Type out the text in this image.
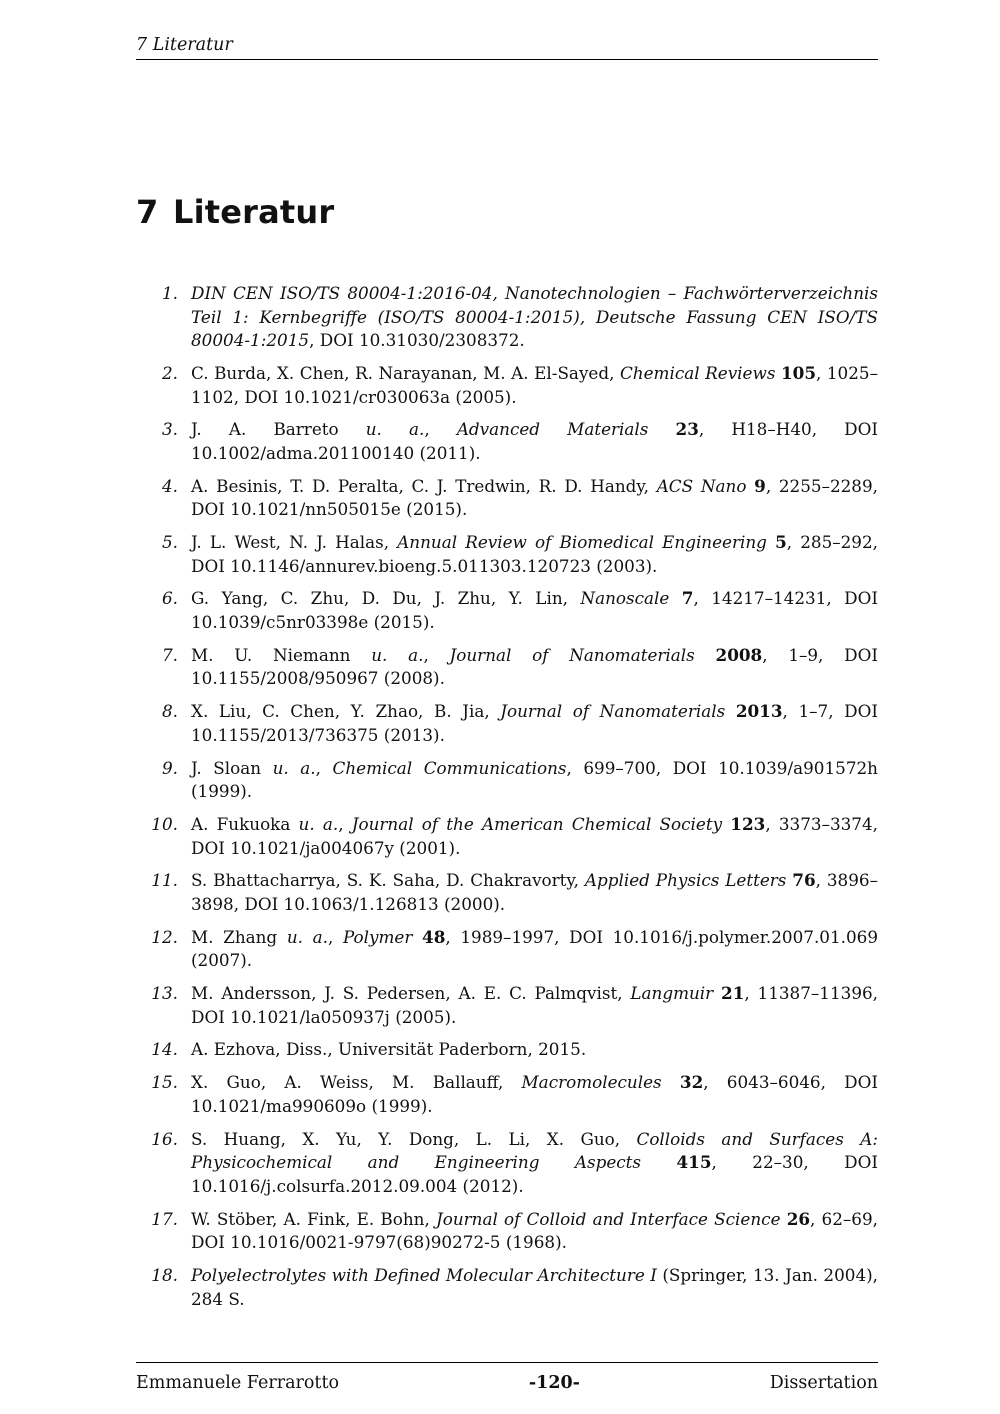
7 Literatur
7 Literatur
1. DIN CEN ISO/TS 80004-1:2016-04, Nanotechnologien – Fachwörterverzeichnis Teil 1: Kernbegriffe (ISO/TS 80004-1:2015), Deutsche Fassung CEN ISO/TS 80004-1:2015, DOI 10.31030/2308372.
2. C. Burda, X. Chen, R. Narayanan, M. A. El-Sayed, Chemical Reviews 105, 1025–1102, DOI 10.1021/cr030063a (2005).
3. J. A. Barreto u. a., Advanced Materials 23, H18–H40, DOI 10.1002/adma.201100140 (2011).
4. A. Besinis, T. D. Peralta, C. J. Tredwin, R. D. Handy, ACS Nano 9, 2255–2289, DOI 10.1021/nn505015e (2015).
5. J. L. West, N. J. Halas, Annual Review of Biomedical Engineering 5, 285–292, DOI 10.1146/annurev.bioeng.5.011303.120723 (2003).
6. G. Yang, C. Zhu, D. Du, J. Zhu, Y. Lin, Nanoscale 7, 14217–14231, DOI 10.1039/c5nr03398e (2015).
7. M. U. Niemann u. a., Journal of Nanomaterials 2008, 1–9, DOI 10.1155/2008/950967 (2008).
8. X. Liu, C. Chen, Y. Zhao, B. Jia, Journal of Nanomaterials 2013, 1–7, DOI 10.1155/2013/736375 (2013).
9. J. Sloan u. a., Chemical Communications, 699–700, DOI 10.1039/a901572h (1999).
10. A. Fukuoka u. a., Journal of the American Chemical Society 123, 3373–3374, DOI 10.1021/ja004067y (2001).
11. S. Bhattacharrya, S. K. Saha, D. Chakravorty, Applied Physics Letters 76, 3896–3898, DOI 10.1063/1.126813 (2000).
12. M. Zhang u. a., Polymer 48, 1989–1997, DOI 10.1016/j.polymer.2007.01.069 (2007).
13. M. Andersson, J. S. Pedersen, A. E. C. Palmqvist, Langmuir 21, 11387–11396, DOI 10.1021/la050937j (2005).
14. A. Ezhova, Diss., Universität Paderborn, 2015.
15. X. Guo, A. Weiss, M. Ballauff, Macromolecules 32, 6043–6046, DOI 10.1021/ma990609o (1999).
16. S. Huang, X. Yu, Y. Dong, L. Li, X. Guo, Colloids and Surfaces A: Physicochemical and Engineering Aspects 415, 22–30, DOI 10.1016/j.colsurfa.2012.09.004 (2012).
17. W. Stöber, A. Fink, E. Bohn, Journal of Colloid and Interface Science 26, 62–69, DOI 10.1016/0021-9797(68)90272-5 (1968).
18. Polyelectrolytes with Defined Molecular Architecture I (Springer, 13. Jan. 2004), 284 S.
Emmanuele Ferrarotto	-120-	Dissertation
